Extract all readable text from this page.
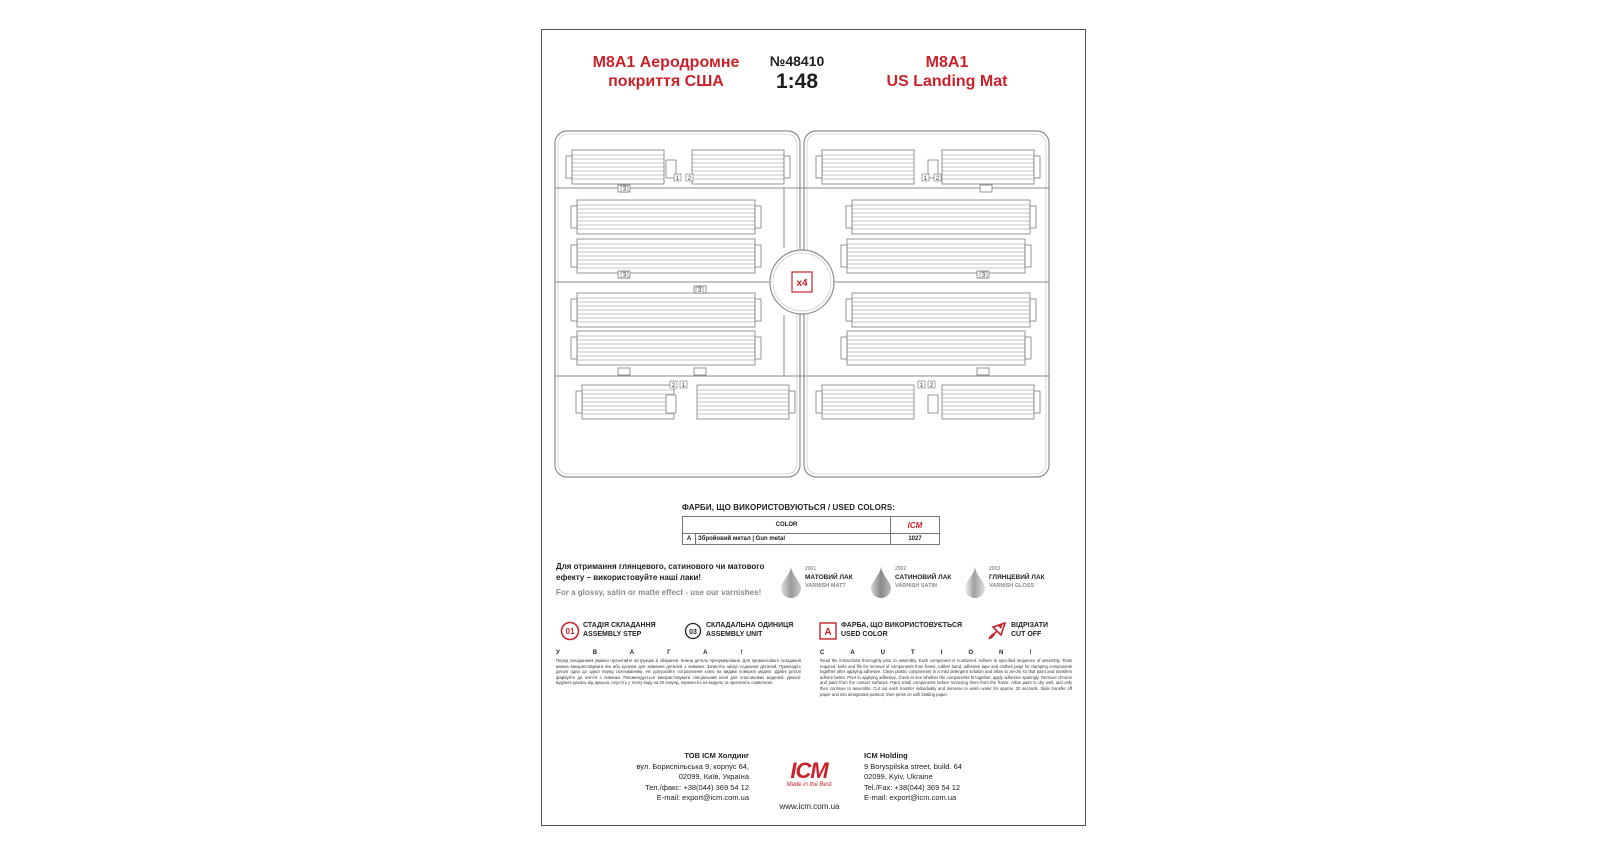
M8A1 Аеродромне
покриття США
№48410
1:48
M8A1
US Landing Mat
1 2
3
1 2
3
3
3
2 1	1 2
x4
ФАРБИ, ЩО ВИКОРИСТОВУЮТЬСЯ / USED COLORS:
COLOR		ICM
A	Збройовий метал | Gun metal	1027
Для отримання глянцевого, сатинового чи матового
ефекту – використовуйте наші лаки!
For a glossy, satin or matte effect - use our varnishes!
2001
МАТОВИЙ ЛАК
VARNISH MATT
2002
САТИНОВИЙ ЛАК
VARNISH SATIN
2003
ГЛЯНЦЕВИЙ ЛАК
VARNISH GLOSS
01
СТАДІЯ СКЛАДАННЯ
ASSEMBLY STEP	03
СКЛАДАЛЬНА ОДИНИЦЯ
ASSEMBLY UNIT	A
ФАРБА, ЩО ВИКОРИСТОВУЄТЬСЯ
USED COLOR
ВІДРІЗАТИ
CUT OFF
УВАГА!
Перед складанням уважно прочитайте інструкцію зі збирання. Кожна деталь пронумерована. Для промислового складання можна використовувати ніж або кусачки для знімання деталей з ливника. Зачистіть місця з'єднання деталей. Прикладіть деталі одна до одної перед склеюванням. Не допускайте потрапляння клею на видимі поверхні моделі. Дрібні деталі фарбуйте до зняття з ливника. Рекомендується використовувати спеціальний клей для пластикових моделей. Декалі: відріжте декаль від аркуша, опустіть у теплу воду на 20 секунд, перенесіть на модель та притисніть серветкою.
CAUTION!
Read the instructions thoroughly prior to assembly. Each component is numbered. Adhere to specified sequence of assembly. Tools required: knife and file for removal of components from frame, rubber band, adhesive tape and clothes pegs for clamping components together after applying adhesive. Clean plastic components in a mild detergent solution and allow to air-dry so that paint and transfers adhere better. Prior to applying adhesive, check to see whether the components fit together, apply adhesive sparingly. Remove chrome and paint from the contact surfaces. Paint small components before removing them from the frame. Allow paint to dry well, and only then continue to assemble. Cut out each transfer individually and immerse in warm water for approx. 20 seconds. Slide transfer off paper and into designated position, then press on with blotting paper.
ТОВ ICM Холдинг
вул. Бориспільська 9, корпус 64,
02099, Київ, Україна
Тел./факс: +38(044) 369 54 12
E-mail: export@icm.com.ua
ICM
Made in the Best
ICM Holding
9 Boryspilska street, build. 64
02099, Kyiv, Ukraine
Tel./Fax: +38(044) 369 54 12
E-mail: export@icm.com.ua
www.icm.com.ua
